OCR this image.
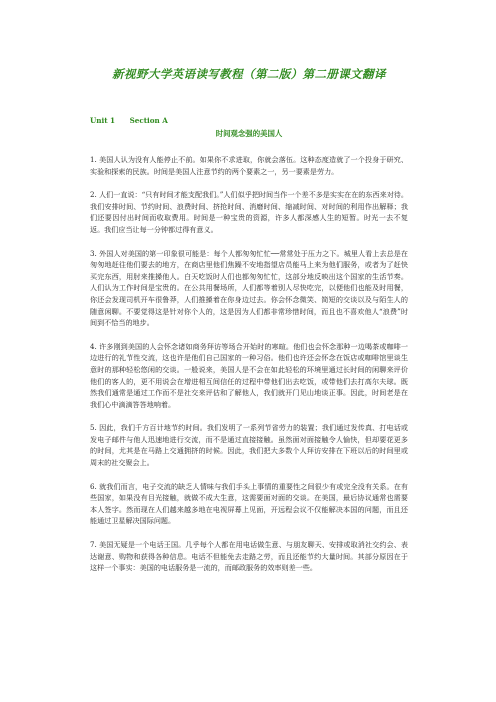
新视野大学英语读写教程（第二版）第二册课文翻译
Unit 1 Section A
时间观念强的美国人

1. 美国人认为没有人能停止不前。如果你不求进取，你就会落伍。这种态度造就了一个投身于研究、实验和探索的民族。时间是美国人注意节约的两个要素之一，另一要素是劳力。

2. 人们一直说：“只有时间才能支配我们。”人们似乎把时间当作一个差不多是实实在在的东西来对待。我们安排时间、节约时间、浪费时间、挤抢时间、消磨时间、缩减时间、对时间的利用作出解释；我们还要因付出时间而收取费用。时间是一种宝贵的资源，许多人都深感人生的短暂。时光一去不复返。我们应当让每一分钟都过得有意义。

3. 外国人对美国的第一印象很可能是：每个人都匆匆忙忙──常常处于压力之下。城里人看上去总是在匆匆地赶往他们要去的地方，在商店里他们焦躁不安地指望店员能马上来为他们服务，或者为了赶快买完东西，用肘来推搡他人。白天吃饭时人们也都匆匆忙忙，这部分地反映出这个国家的生活节奏。人们认为工作时间是宝贵的。在公共用餐场所，人们都等着别人尽快吃完，以便他们也能及时用餐，你还会发现司机开车很鲁莽，人们推搡着在你身边过去。你会怀念微笑、简短的交谈以及与陌生人的随意闲聊。不要觉得这是针对你个人的，这是因为人们都非常珍惜时间，而且也不喜欢他人“浪费”时间到不恰当的地步。

4. 许多刚到美国的人会怀念诸如商务拜访等场合开始时的寒暄。他们也会怀念那种一边喝茶或咖啡一边进行的礼节性交流，这也许是他们自己国家的一种习俗。他们也许还会怀念在饭店或咖啡馆里谈生意时的那种轻松悠闲的交谈。一般说来，美国人是不会在如此轻松的环境里通过长时间的闲聊来评价他们的客人的，更不用说会在增进相互间信任的过程中带他们出去吃饭，或带他们去打高尔夫球。既然我们通常是通过工作而不是社交来评估和了解他人，我们就开门见山地谈正事。因此，时间老是在我们心中滴滴答答地响着。

5. 因此，我们千方百计地节约时间。我们发明了一系列节省劳力的装置；我们通过发传真、打电话或发电子邮件与他人迅速地进行交流，而不是通过直接接触。虽然面对面接触令人愉快，但却要花更多的时间，尤其是在马路上交通拥挤的时候。因此，我们把大多数个人拜访安排在下班以后的时间里或周末的社交聚会上。

6. 就我们而言，电子交流的缺乏人情味与我们手头上事情的重要性之间很少有或完全没有关系。在有些国家，如果没有目光接触，就做不成大生意，这需要面对面的交谈。在美国，最后协议通常也需要本人签字。然而现在人们越来越多地在电视屏幕上见面，开远程会议不仅能解决本国的问题，而且还能通过卫星解决国际问题。

7. 美国无疑是一个电话王国。几乎每个人都在用电话做生意、与朋友聊天、安排或取消社交约会、表达谢意、购物和获得各种信息。电话不但能免去走路之劳，而且还能节约大量时间。其部分原因在于这样一个事实：美国的电话服务是一流的，而邮政服务的效率则差一些。
